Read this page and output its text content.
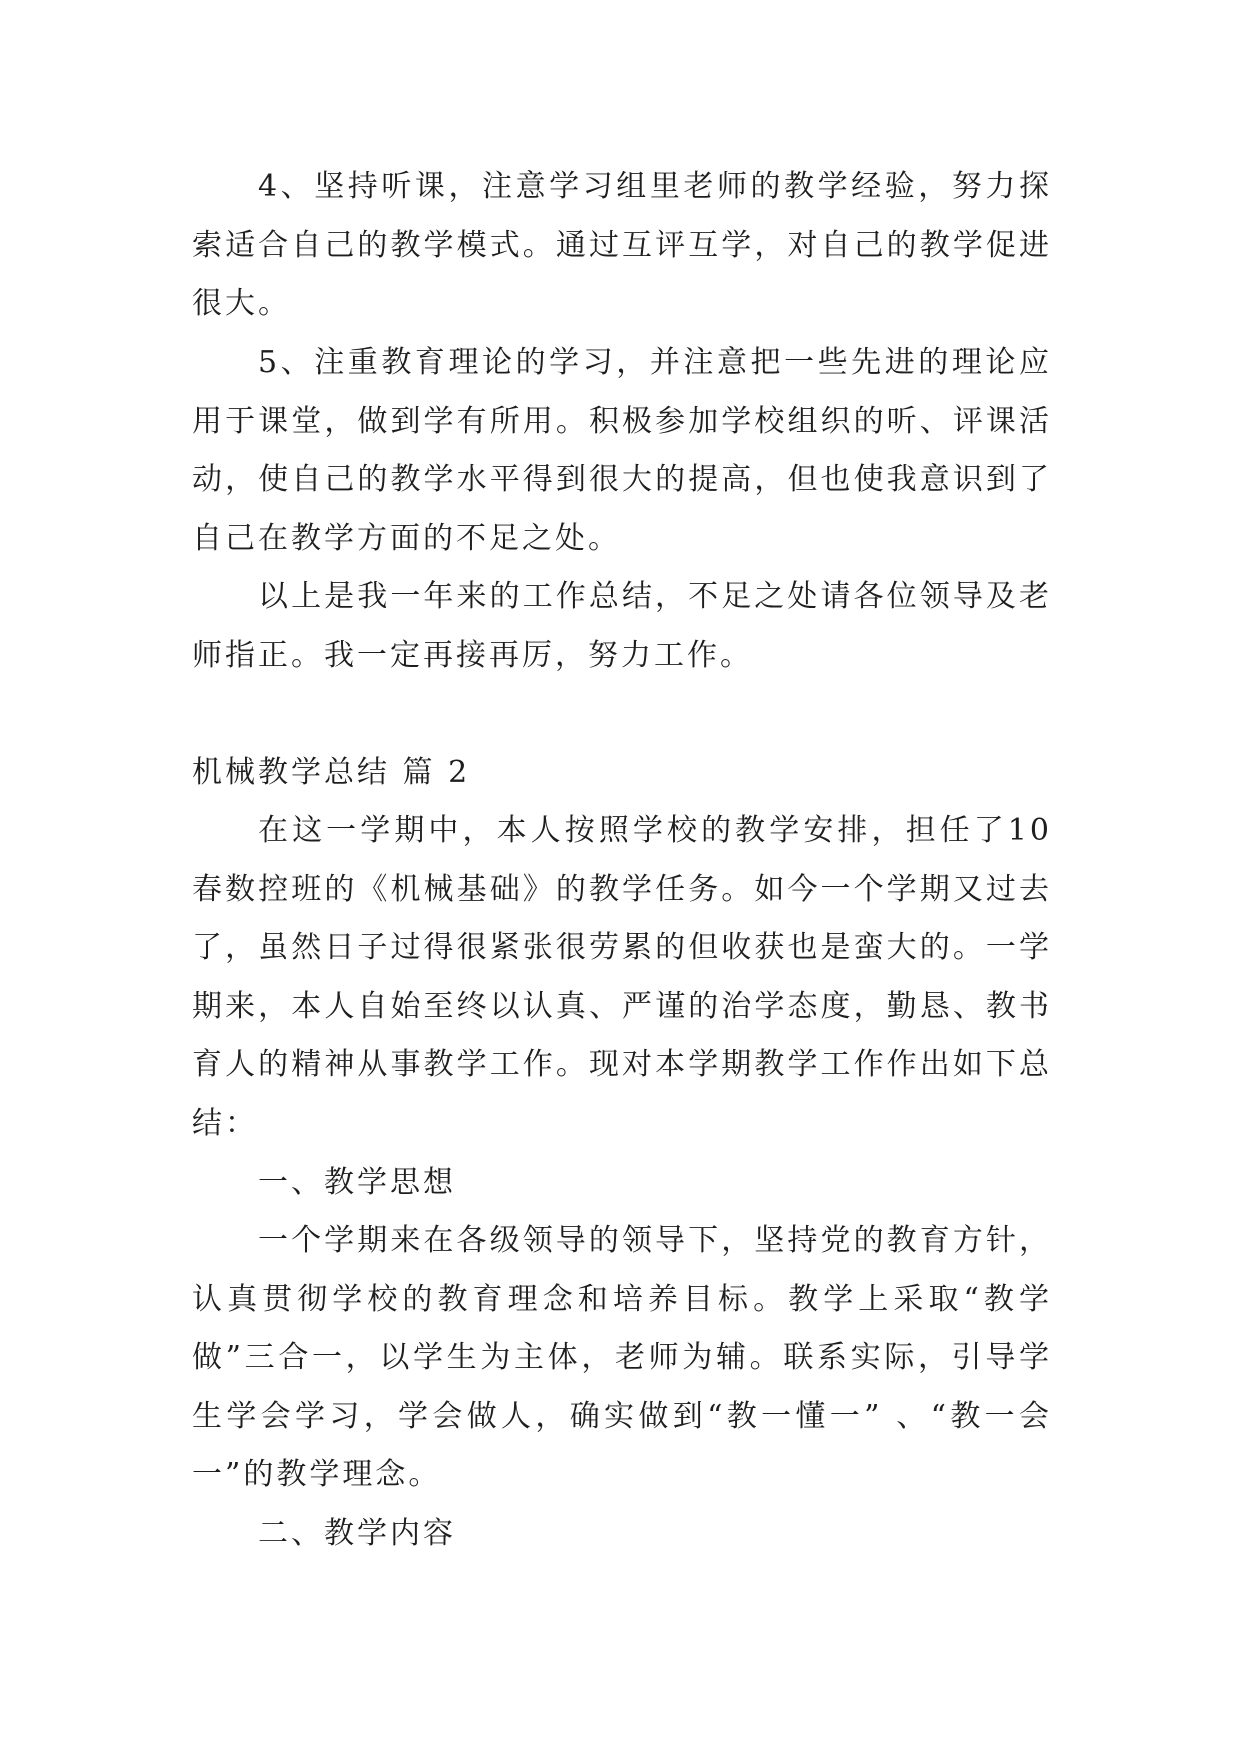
4、坚持听课，注意学习组里老师的教学经验，努力探索适合自己的教学模式。通过互评互学，对自己的教学促进很大。

5、注重教育理论的学习，并注意把一些先进的理论应用于课堂，做到学有所用。积极参加学校组织的听、评课活动，使自己的教学水平得到很大的提高，但也使我意识到了自己在教学方面的不足之处。

以上是我一年来的工作总结，不足之处请各位领导及老师指正。我一定再接再厉，努力工作。

机械教学总结 篇 2

在这一学期中，本人按照学校的教学安排，担任了10春数控班的《机械基础》的教学任务。如今一个学期又过去了，虽然日子过得很紧张很劳累的但收获也是蛮大的。一学期来，本人自始至终以认真、严谨的治学态度，勤恳、教书育人的精神从事教学工作。现对本学期教学工作作出如下总结：

一、教学思想

一个学期来在各级领导的领导下，坚持党的教育方针，认真贯彻学校的教育理念和培养目标。教学上采取“教学做”三合一，以学生为主体，老师为辅。联系实际，引导学生学会学习，学会做人，确实做到“教一懂一” 、“教一会一”的教学理念。

二、教学内容
